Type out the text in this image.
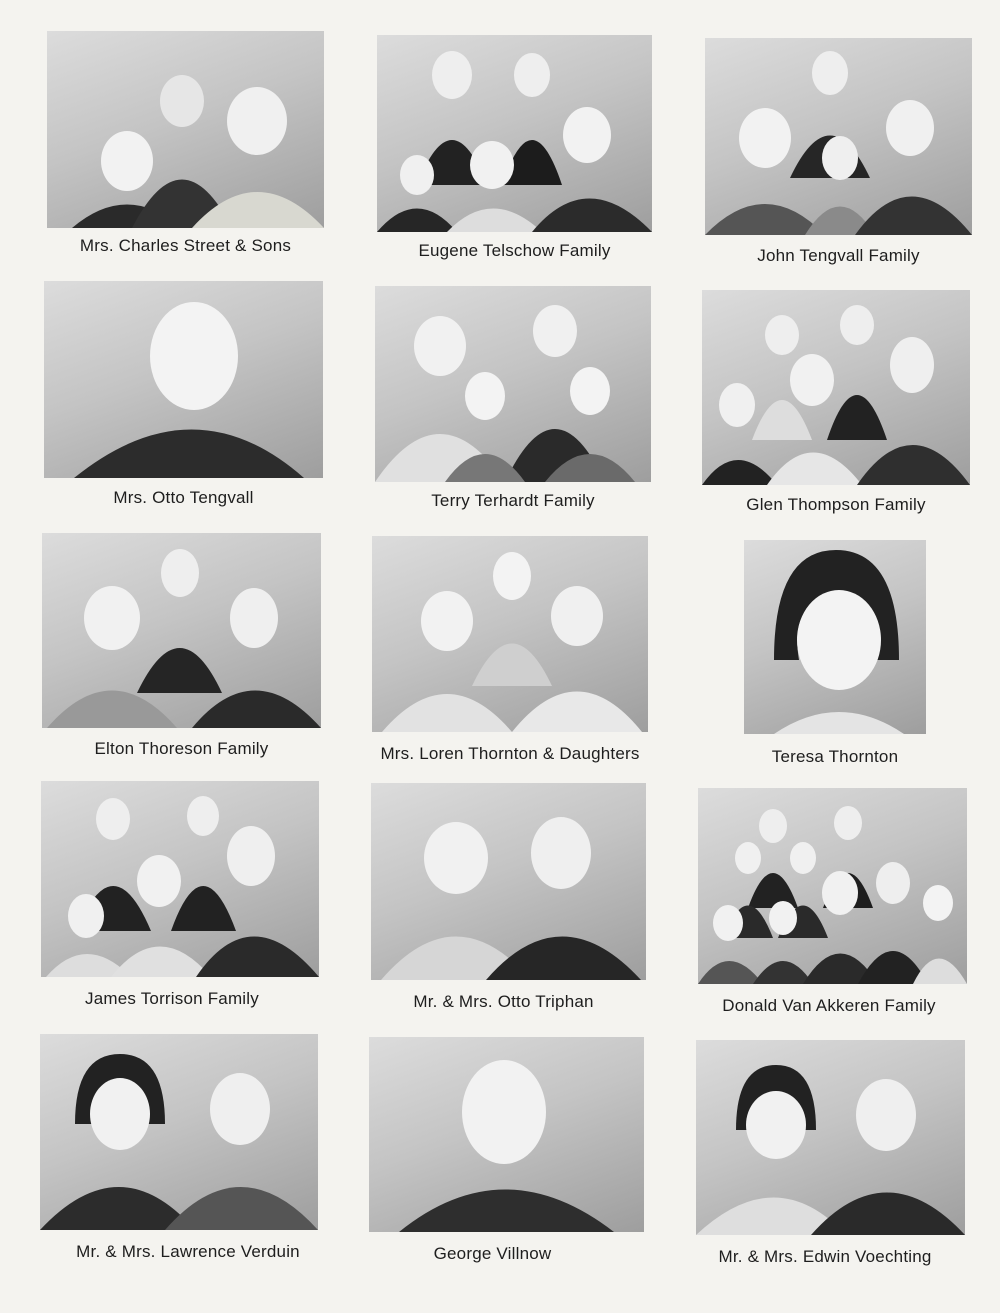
Mrs. Charles Street & Sons	Eugene Telschow Family	John Tengvall Family
Mrs. Otto Tengvall	Terry Terhardt Family	Glen Thompson Family
Elton Thoreson Family	Mrs. Loren Thornton & Daughters	Teresa Thornton
James Torrison Family	Mr. & Mrs. Otto Triphan	Donald Van Akkeren Family
Mr. & Mrs. Lawrence Verduin	George Villnow	Mr. & Mrs. Edwin Voechting
